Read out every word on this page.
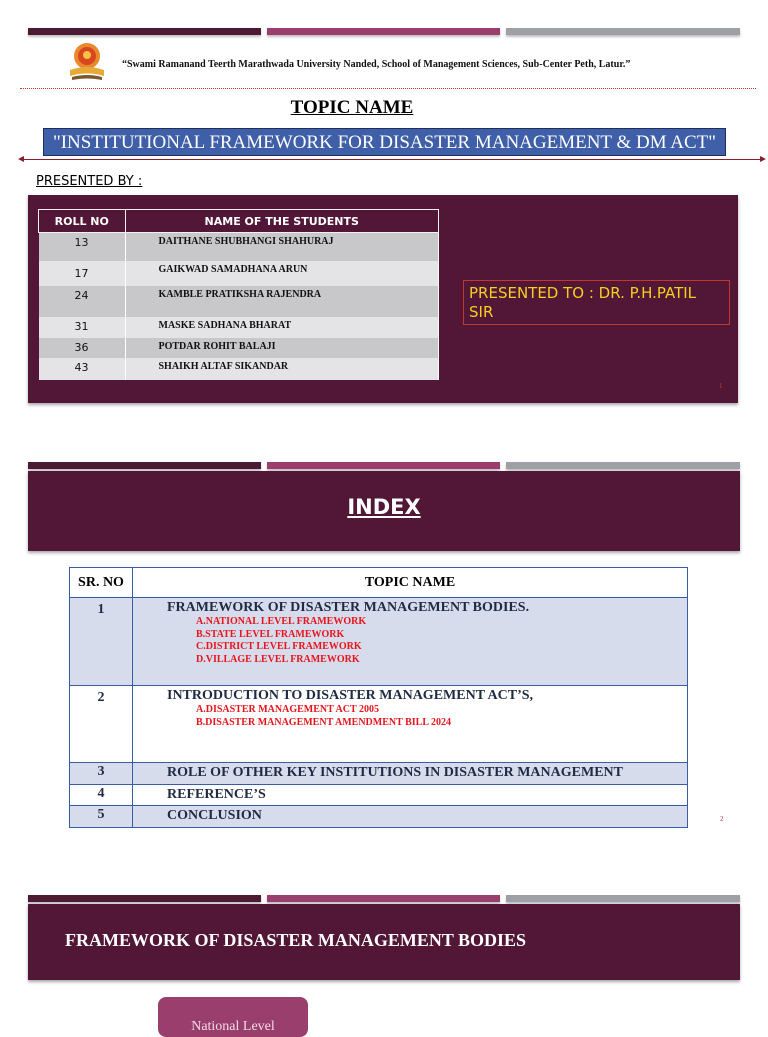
“Swami Ramanand Teerth Marathwada University Nanded, School of Management Sciences, Sub-Center Peth, Latur.”
TOPIC NAME
"INSTITUTIONAL FRAMEWORK FOR DISASTER MANAGEMENT & DM ACT"
PRESENTED BY :
ROLL NO	NAME OF THE STUDENTS
13	DAITHANE SHUBHANGI SHAHURAJ
17	GAIKWAD SAMADHANA ARUN
24	KAMBLE PRATIKSHA RAJENDRA
31	MASKE SADHANA BHARAT
36	POTDAR ROHIT BALAJI
43	SHAIKH ALTAF SIKANDAR
PRESENTED TO : DR. P.H.PATIL SIR
1
INDEX
SR. NO	TOPIC NAME
1	FRAMEWORK OF DISASTER MANAGEMENT BODIES.
A.NATIONAL LEVEL FRAMEWORK
B.STATE LEVEL FRAMEWORK
C.DISTRICT LEVEL FRAMEWORK
D.VILLAGE LEVEL FRAMEWORK

2	INTRODUCTION TO DISASTER MANAGEMENT ACT’S,
A.DISASTER MANAGEMENT ACT 2005
B.DISASTER MANAGEMENT AMENDMENT BILL 2024

3	ROLE OF OTHER KEY INSTITUTIONS IN DISASTER MANAGEMENT
4	REFERENCE’S
5	CONCLUSION	2
FRAMEWORK OF DISASTER MANAGEMENT BODIES
National Level
